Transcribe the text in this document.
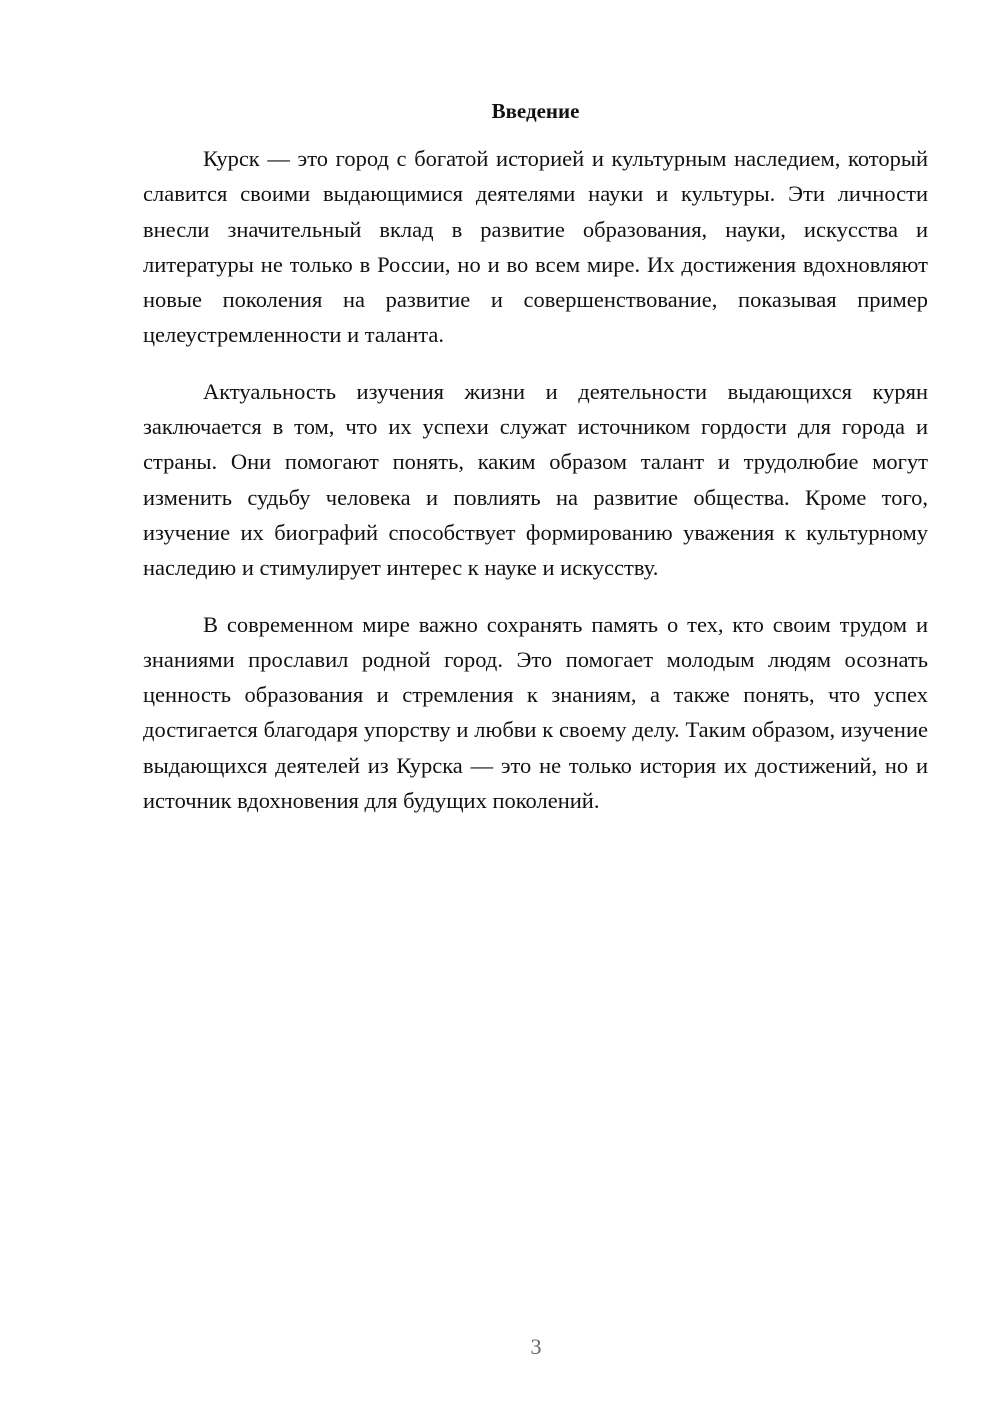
Введение

Курск — это город с богатой историей и культурным наследием, который славится своими выдающимися деятелями науки и культуры. Эти личности внесли значительный вклад в развитие образования, науки, искусства и литературы не только в России, но и во всем мире. Их достижения вдохновляют новые поколения на развитие и совершенствование, показывая пример целеустремленности и таланта.

Актуальность изучения жизни и деятельности выдающихся курян заключается в том, что их успехи служат источником гордости для города и страны. Они помогают понять, каким образом талант и трудолюбие могут изменить судьбу человека и повлиять на развитие общества. Кроме того, изучение их биографий способствует формированию уважения к культурному наследию и стимулирует интерес к науке и искусству.

В современном мире важно сохранять память о тех, кто своим трудом и знаниями прославил родной город. Это помогает молодым людям осознать ценность образования и стремления к знаниям, а также понять, что успех достигается благодаря упорству и любви к своему делу. Таким образом, изучение выдающихся деятелей из Курска — это не только история их достижений, но и источник вдохновения для будущих поколений.

3
